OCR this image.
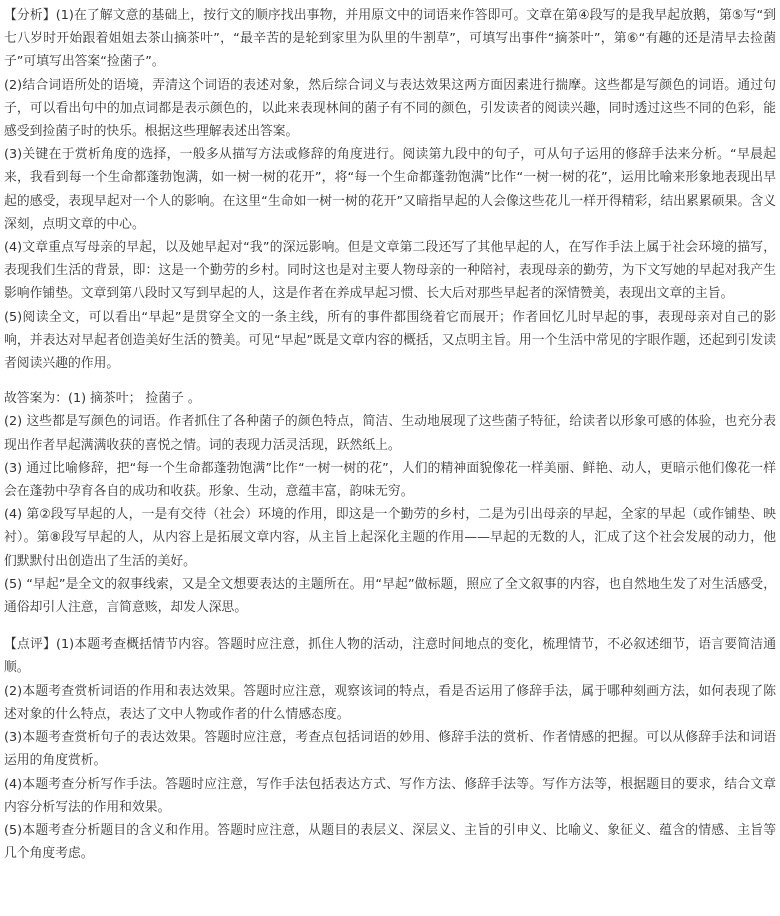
【分析】(1)在了解文意的基础上，按行文的顺序找出事物，并用原文中的词语来作答即可。文章在第④段写的是我早起放鹅，第⑤写“到七八岁时开始跟着姐姐去茶山摘茶叶”，“最辛苦的是轮到家里为队里的牛割草”，可填写出事件“摘茶叶”，第⑥“有趣的还是清早去捡菌子”可填写出答案“捡菌子”。

(2)结合词语所处的语境，弄清这个词语的表述对象，然后综合词义与表达效果这两方面因素进行揣摩。这些都是写颜色的词语。通过句子，可以看出句中的加点词都是表示颜色的，以此来表现林间的菌子有不同的颜色，引发读者的阅读兴趣，同时透过这些不同的色彩，能感受到捡菌子时的快乐。根据这些理解表述出答案。

(3)关键在于赏析角度的选择，一般多从描写方法或修辞的角度进行。阅读第九段中的句子，可从句子运用的修辞手法来分析。“早晨起来，我看到每一个生命都蓬勃饱满，如一树一树的花开”，将“每一个生命都蓬勃饱满”比作“一树一树的花”，运用比喻来形象地表现出早起的感受，表现早起对一个人的影响。在这里“生命如一树一树的花开”又暗指早起的人会像这些花儿一样开得精彩，结出累累硕果。含义深刻，点明文章的中心。

(4)文章重点写母亲的早起，以及她早起对“我”的深远影响。但是文章第二段还写了其他早起的人，在写作手法上属于社会环境的描写，表现我们生活的背景，即：这是一个勤劳的乡村。同时这也是对主要人物母亲的一种陪衬，表现母亲的勤劳，为下文写她的早起对我产生影响作铺垫。文章到第八段时又写到早起的人，这是作者在养成早起习惯、长大后对那些早起者的深情赞美，表现出文章的主旨。

(5)阅读全文，可以看出“早起”是贯穿全文的一条主线，所有的事件都围绕着它而展开；作者回忆儿时早起的事，表现母亲对自己的影响，并表达对早起者创造美好生活的赞美。可见“早起”既是文章内容的概括，又点明主旨。用一个生活中常见的字眼作题，还起到引发读者阅读兴趣的作用。

故答案为：(1) 摘茶叶； 捡菌子 。

(2) 这些都是写颜色的词语。作者抓住了各种菌子的颜色特点，简洁、生动地展现了这些菌子特征，给读者以形象可感的体验，也充分表现出作者早起满满收获的喜悦之情。词的表现力活灵活现，跃然纸上。

(3) 通过比喻修辞，把“每一个生命都蓬勃饱满”比作“一树一树的花”，人们的精神面貌像花一样美丽、鲜艳、动人，更暗示他们像花一样会在蓬勃中孕育各自的成功和收获。形象、生动，意蕴丰富，韵味无穷。

(4) 第②段写早起的人，一是有交待（社会）环境的作用，即这是一个勤劳的乡村，二是为引出母亲的早起，全家的早起（或作铺垫、映衬）。第⑧段写早起的人，从内容上是拓展文章内容，从主旨上起深化主题的作用——早起的无数的人，汇成了这个社会发展的动力，他们默默付出创造出了生活的美好。

(5) “早起”是全文的叙事线索，又是全文想要表达的主题所在。用“早起”做标题，照应了全文叙事的内容，也自然地生发了对生活感受，通俗却引人注意，言简意赅，却发人深思。

【点评】(1)本题考查概括情节内容。答题时应注意，抓住人物的活动，注意时间地点的变化，梳理情节，不必叙述细节，语言要简洁通顺。

(2)本题考查赏析词语的作用和表达效果。答题时应注意，观察该词的特点，看是否运用了修辞手法，属于哪种刻画方法，如何表现了陈述对象的什么特点，表达了文中人物或作者的什么情感态度。

(3)本题考查赏析句子的表达效果。答题时应注意，考查点包括词语的妙用、修辞手法的赏析、作者情感的把握。可以从修辞手法和词语运用的角度赏析。

(4)本题考查分析写作手法。答题时应注意，写作手法包括表达方式、写作方法、修辞手法等。写作方法等，根据题目的要求，结合文章内容分析写法的作用和效果。

(5)本题考查分析题目的含义和作用。答题时应注意，从题目的表层义、深层义、主旨的引申义、比喻义、象征义、蕴含的情感、主旨等几个角度考虑。
